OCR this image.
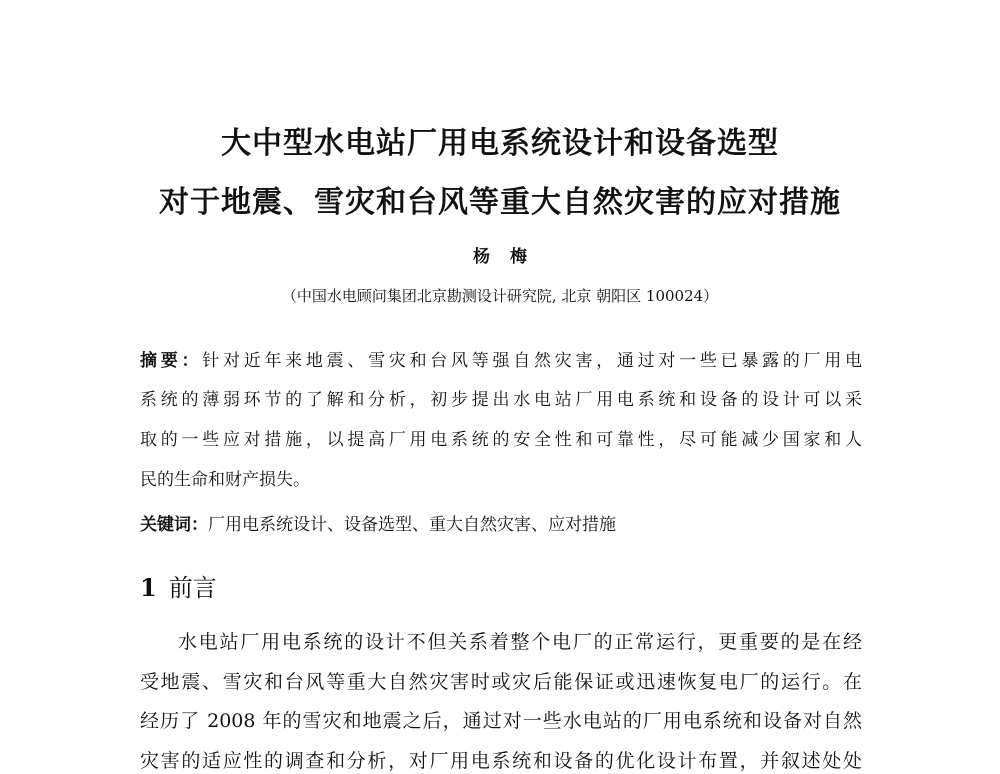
大中型水电站厂用电系统设计和设备选型
对于地震、雪灾和台风等重大自然灾害的应对措施
杨 梅
（中国水电顾问集团北京勘测设计研究院, 北京 朝阳区 100024）
摘要：针对近年来地震、雪灾和台风等强自然灾害，通过对一些已暴露的厂用电
系统的薄弱环节的了解和分析，初步提出水电站厂用电系统和设备的设计可以采
取的一些应对措施，以提高厂用电系统的安全性和可靠性，尽可能减少国家和人
民的生命和财产损失。
关键词：厂用电系统设计、设备选型、重大自然灾害、应对措施
1 前言
水电站厂用电系统的设计不但关系着整个电厂的正常运行，更重要的是在经
受地震、雪灾和台风等重大自然灾害时或灾后能保证或迅速恢复电厂的运行。在
经历了 2008 年的雪灾和地震之后，通过对一些水电站的厂用电系统和设备对自然
灾害的适应性的调查和分析，对厂用电系统和设备的优化设计布置，并叙述处处
